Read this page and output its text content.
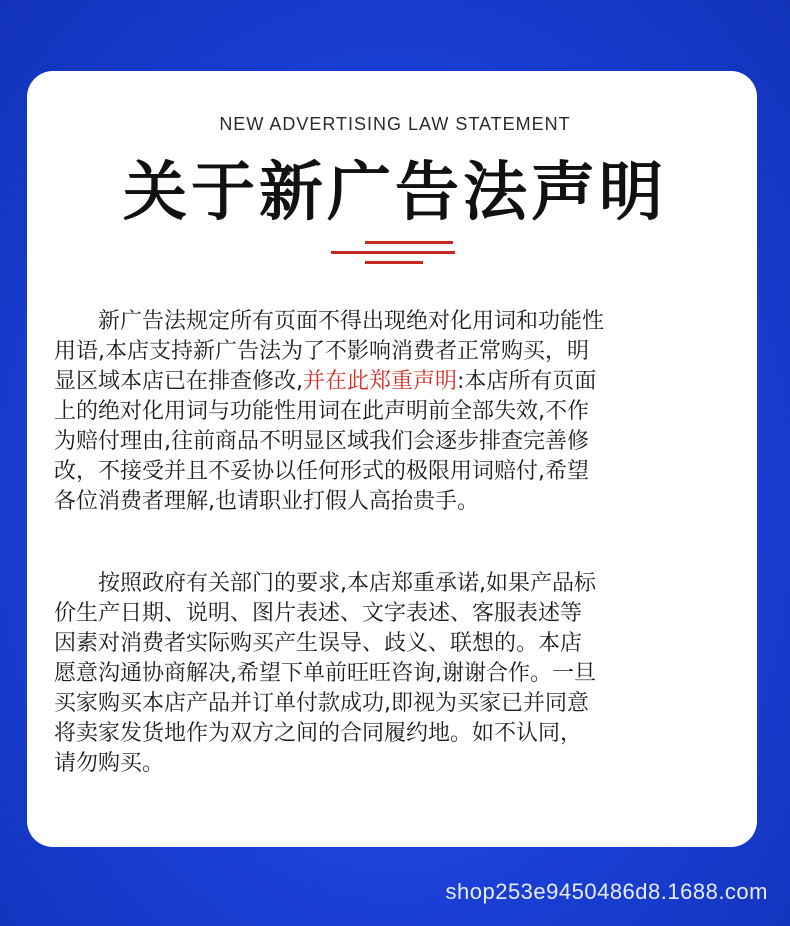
NEW ADVERTISING LAW STATEMENT

关于新广告法声明
新广告法规定所有页面不得出现绝对化用词和功能性
用语,本店支持新广告法为了不影响消费者正常购买，明
显区域本店已在排查修改,并在此郑重声明:本店所有页面
上的绝对化用词与功能性用词在此声明前全部失效,不作
为赔付理由,往前商品不明显区域我们会逐步排查完善修
改，不接受并且不妥协以任何形式的极限用词赔付,希望
各位消费者理解,也请职业打假人高抬贵手。
按照政府有关部门的要求,本店郑重承诺,如果产品标
价生产日期、说明、图片表述、文字表述、客服表述等
因素对消费者实际购买产生误导、歧义、联想的。本店
愿意沟通协商解决,希望下单前旺旺咨询,谢谢合作。一旦
买家购买本店产品并订单付款成功,即视为买家已并同意
将卖家发货地作为双方之间的合同履约地。如不认同，
请勿购买。
shop253e9450486d8.1688.com
